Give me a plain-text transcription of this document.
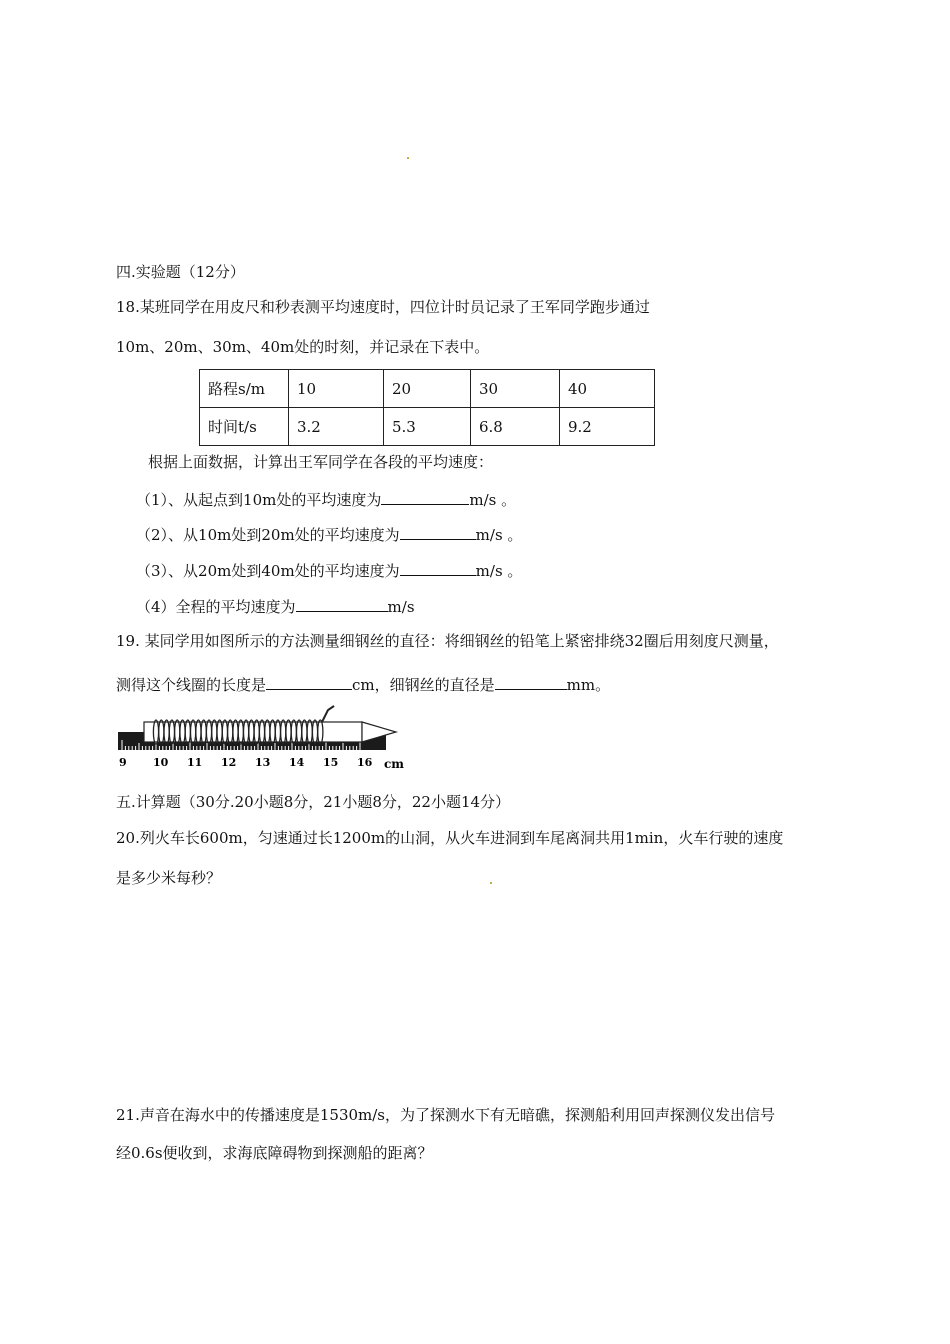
四.实验题（12分）
18.某班同学在用皮尺和秒表测平均速度时，四位计时员记录了王军同学跑步通过
10m、20m、30m、40m处的时刻，并记录在下表中。
路程s/m	10	20	30	40
时间t/s	3.2	5.3	6.8	9.2
根据上面数据，计算出王军同学在各段的平均速度：
（1）、从起点到10m处的平均速度为	m/s 。
（2）、从10m处到20m处的平均速度为	m/s 。
（3）、从20m处到40m处的平均速度为	m/s 。
（4）全程的平均速度为	m/s
19. 某同学用如图所示的方法测量细钢丝的直径：将细钢丝的铅笔上紧密排绕32圈后用刻度尺测量，
测得这个线圈的长度是	cm，细钢丝的直径是	mm。
9 10 11 12 13 14 15 16 cm
五.计算题（30分.20小题8分，21小题8分，22小题14分）
20.列火车长600m，匀速通过长1200m的山洞，从火车进洞到车尾离洞共用1min，火车行驶的速度
是多少米每秒？
21.声音在海水中的传播速度是1530m/s，为了探测水下有无暗礁，探测船利用回声探测仪发出信号
经0.6s便收到，求海底障碍物到探测船的距离？
